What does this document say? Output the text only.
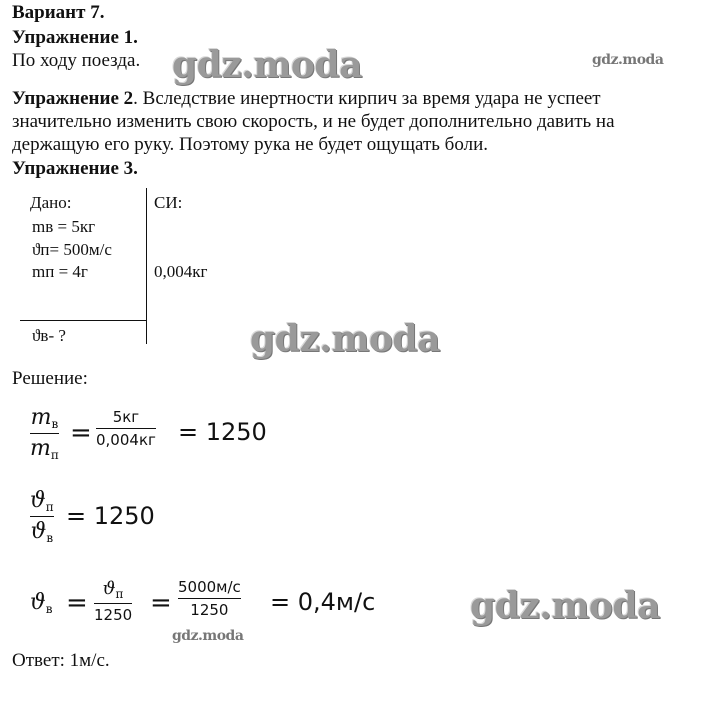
Вариант 7.
Упражнение 1.
По ходу поезда.
Упражнение 2. Вследствие инертности кирпич за время удара не успеет
значительно изменить свою скорость, и не будет дополнительно давить на
держащую его руку. Поэтому рука не будет ощущать боли.
Упражнение 3.
Дано:	СИ:
mв = 5кг
ϑп= 500м/с
mп = 4г	0,004кг
ϑв- ?
Решение:
$m_в$
$m_п$
=
5кг
0,004кг = 1250
$ϑ_п$
$ϑ_в$
= 1250
$ϑ_в = ϑ_п$
1250 =
5000м/с
1250 = 0,4м/с
Ответ: 1м/с.
gdz.moda	gdz.moda
gdz.moda
gdz.moda
gdz.moda
